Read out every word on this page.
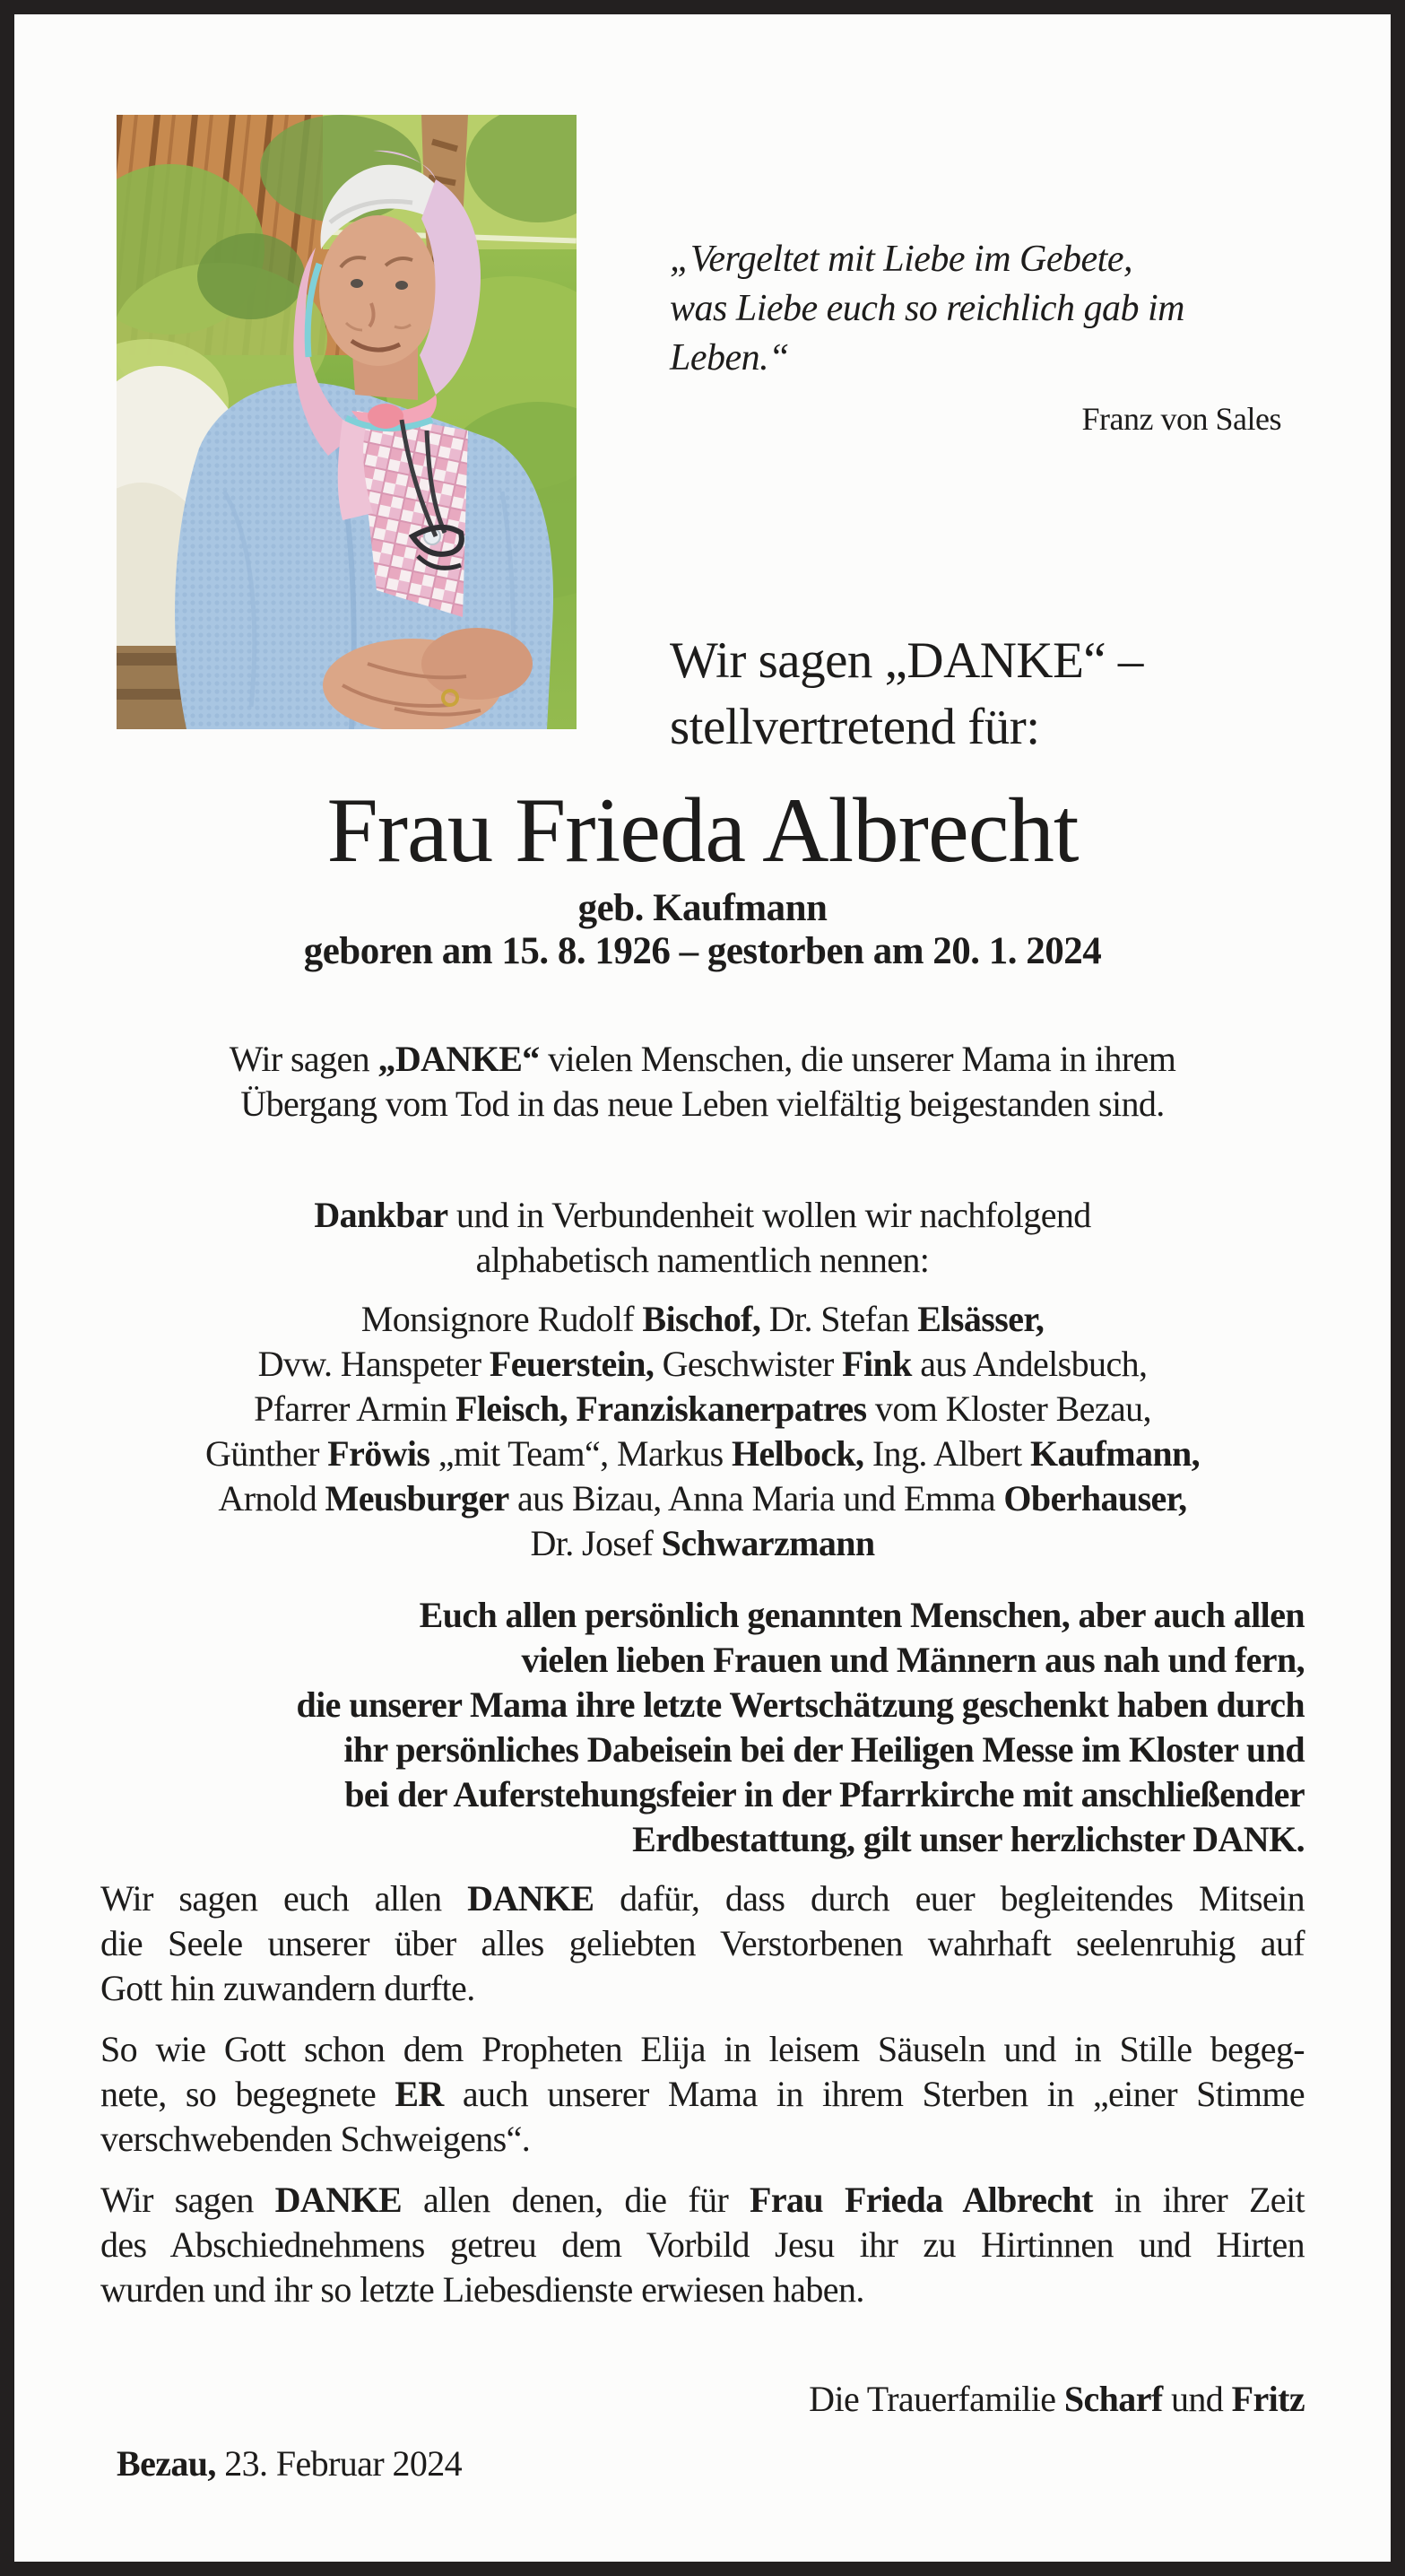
„Vergeltet mit Liebe im Gebete,
was Liebe euch so reichlich gab im Leben.“
Franz von Sales
Wir sagen „DANKE“ –
stellvertretend für:
Frau Frieda Albrecht
geb. Kaufmann
geboren am 15. 8. 1926 – gestorben am 20. 1. 2024
Wir sagen „DANKE“ vielen Menschen, die unserer Mama in ihrem
Übergang vom Tod in das neue Leben vielfältig beigestanden sind.
Dankbar und in Verbundenheit wollen wir nachfolgend
alphabetisch namentlich nennen:
Monsignore Rudolf Bischof, Dr. Stefan Elsässer,
Dvw. Hanspeter Feuerstein, Geschwister Fink aus Andelsbuch,
Pfarrer Armin Fleisch, Franziskanerpatres vom Kloster Bezau,
Günther Fröwis „mit Team“, Markus Helbock, Ing. Albert Kaufmann,
Arnold Meusburger aus Bizau, Anna Maria und Emma Oberhauser,
Dr. Josef Schwarzmann
Euch allen persönlich genannten Menschen, aber auch allen
vielen lieben Frauen und Männern aus nah und fern,
die unserer Mama ihre letzte Wertschätzung geschenkt haben durch
ihr persönliches Dabeisein bei der Heiligen Messe im Kloster und
bei der Auferstehungsfeier in der Pfarrkirche mit anschließender
Erdbestattung, gilt unser herzlichster DANK.
Wir sagen euch allen DANKE dafür, dass durch euer begleitendes Mitsein
die Seele unserer über alles geliebten Verstorbenen wahrhaft seelenruhig auf
Gott hin zuwandern durfte.
So wie Gott schon dem Propheten Elija in leisem Säuseln und in Stille begeg-
nete, so begegnete ER auch unserer Mama in ihrem Sterben in „einer Stimme
verschwebenden Schweigens“.
Wir sagen DANKE allen denen, die für Frau Frieda Albrecht in ihrer Zeit
des Abschiednehmens getreu dem Vorbild Jesu ihr zu Hirtinnen und Hirten
wurden und ihr so letzte Liebesdienste erwiesen haben.
Die Trauerfamilie Scharf und Fritz
Bezau, 23. Februar 2024
